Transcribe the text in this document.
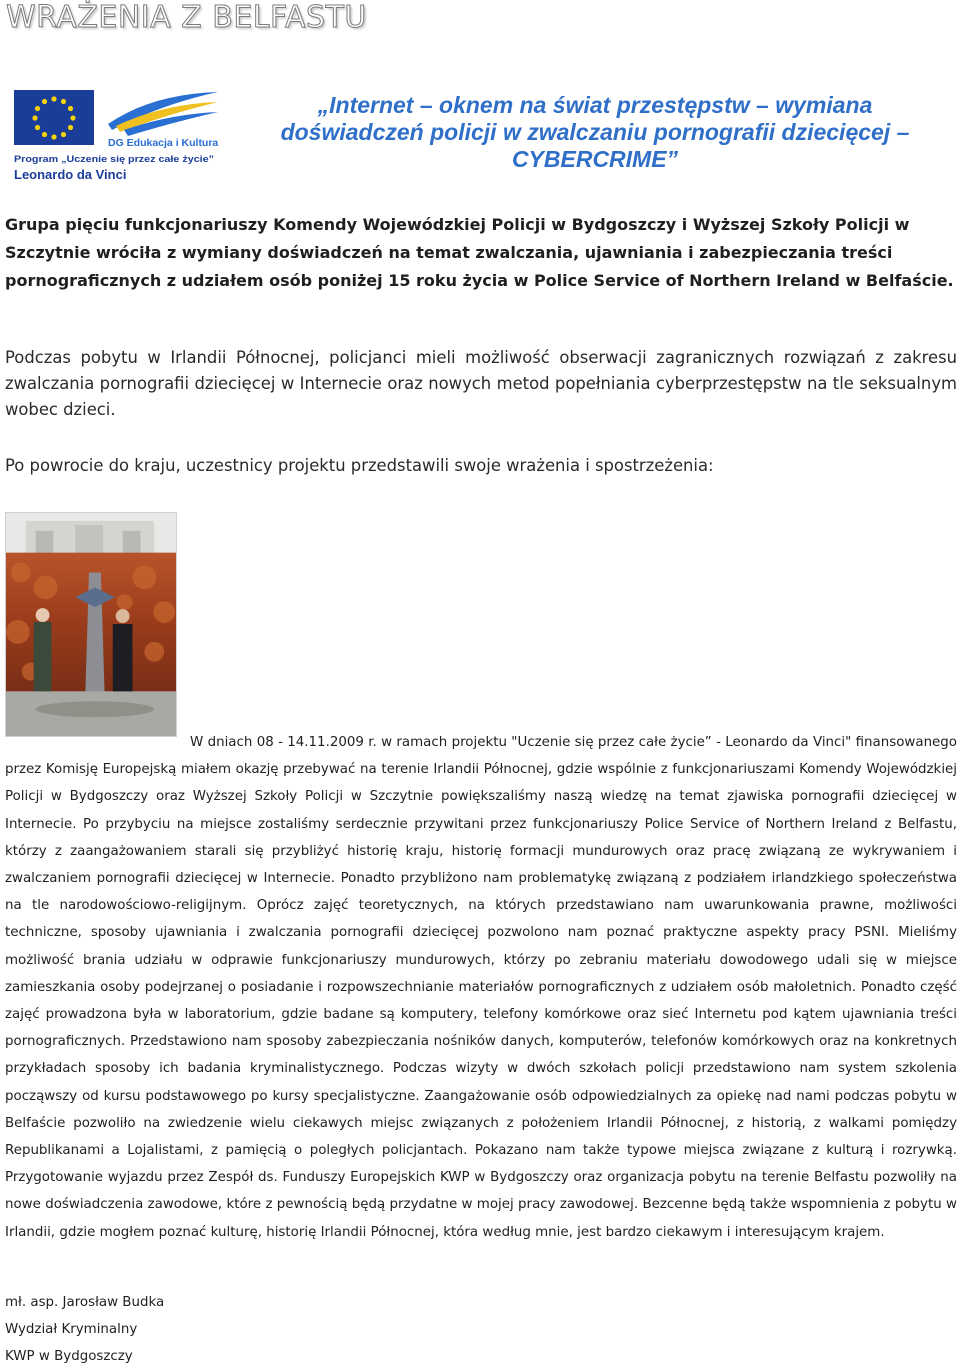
WRAŻENIA Z BELFASTU
DG Edukacja i Kultura
Program „Uczenie się przez całe życie”
Leonardo da Vinci
„Internet – oknem na świat przestępstw – wymiana
doświadczeń policji w zwalczaniu pornografii dziecięcej –
CYBERCRIME”

Grupa pięciu funkcjonariuszy Komendy Wojewódzkiej Policji w Bydgoszczy i Wyższej Szkoły Policji w Szczytnie wróciła z wymiany doświadczeń na temat zwalczania, ujawniania i zabezpieczania treści pornograficznych z udziałem osób poniżej 15 roku życia w Police Service of Northern Ireland w Belfaście.

Podczas pobytu w Irlandii Północnej, policjanci mieli możliwość obserwacji zagranicznych rozwiązań z zakresu zwalczania pornografii dziecięcej w Internecie oraz nowych metod popełniania cyberprzestępstw na tle seksualnym wobec dzieci.

Po powrocie do kraju, uczestnicy projektu przedstawili swoje wrażenia i spostrzeżenia:

W dniach 08 - 14.11.2009 r. w ramach projektu "Uczenie się przez całe życie” - Leonardo da Vinci" finansowanego przez Komisję Europejską miałem okazję przebywać na terenie Irlandii Północnej, gdzie wspólnie z funkcjonariuszami Komendy Wojewódzkiej Policji w Bydgoszczy oraz Wyższej Szkoły Policji w Szczytnie powiększaliśmy naszą wiedzę na temat zjawiska pornografii dziecięcej w Internecie. Po przybyciu na miejsce zostaliśmy serdecznie przywitani przez funkcjonariuszy Police Service of Northern Ireland z Belfastu, którzy z zaangażowaniem starali się przybliżyć historię kraju, historię formacji mundurowych oraz pracę związaną ze wykrywaniem i zwalczaniem pornografii dziecięcej w Internecie. Ponadto przybliżono nam problematykę związaną z podziałem irlandzkiego społeczeństwa na tle narodowościowo-religijnym. Oprócz zajęć teoretycznych, na których przedstawiano nam uwarunkowania prawne, możliwości techniczne, sposoby ujawniania i zwalczania pornografii dziecięcej pozwolono nam poznać praktyczne aspekty pracy PSNI. Mieliśmy możliwość brania udziału w odprawie funkcjonariuszy mundurowych, którzy po zebraniu materiału dowodowego udali się w miejsce zamieszkania osoby podejrzanej o posiadanie i rozpowszechnianie materiałów pornograficznych z udziałem osób małoletnich. Ponadto część zajęć prowadzona była w laboratorium, gdzie badane są komputery, telefony komórkowe oraz sieć Internetu pod kątem ujawniania treści pornograficznych. Przedstawiono nam sposoby zabezpieczania nośników danych, komputerów, telefonów komórkowych oraz na konkretnych przykładach sposoby ich badania kryminalistycznego. Podczas wizyty w dwóch szkołach policji przedstawiono nam system szkolenia począwszy od kursu podstawowego po kursy specjalistyczne. Zaangażowanie osób odpowiedzialnych za opiekę nad nami podczas pobytu w Belfaście pozwoliło na zwiedzenie wielu ciekawych miejsc związanych z położeniem Irlandii Północnej, z historią, z walkami pomiędzy Republikanami a Lojalistami, z pamięcią o poległych policjantach. Pokazano nam także typowe miejsca związane z kulturą i rozrywką. Przygotowanie wyjazdu przez Zespół ds. Funduszy Europejskich KWP w Bydgoszczy oraz organizacja pobytu na terenie Belfastu pozwoliły na nowe doświadczenia zawodowe, które z pewnością będą przydatne w mojej pracy zawodowej. Bezcenne będą także wspomnienia z pobytu w Irlandii, gdzie mogłem poznać kulturę, historię Irlandii Północnej, która według mnie, jest bardzo ciekawym i interesującym krajem.

mł. asp. Jarosław Budka
Wydział Kryminalny
KWP w Bydgoszczy
